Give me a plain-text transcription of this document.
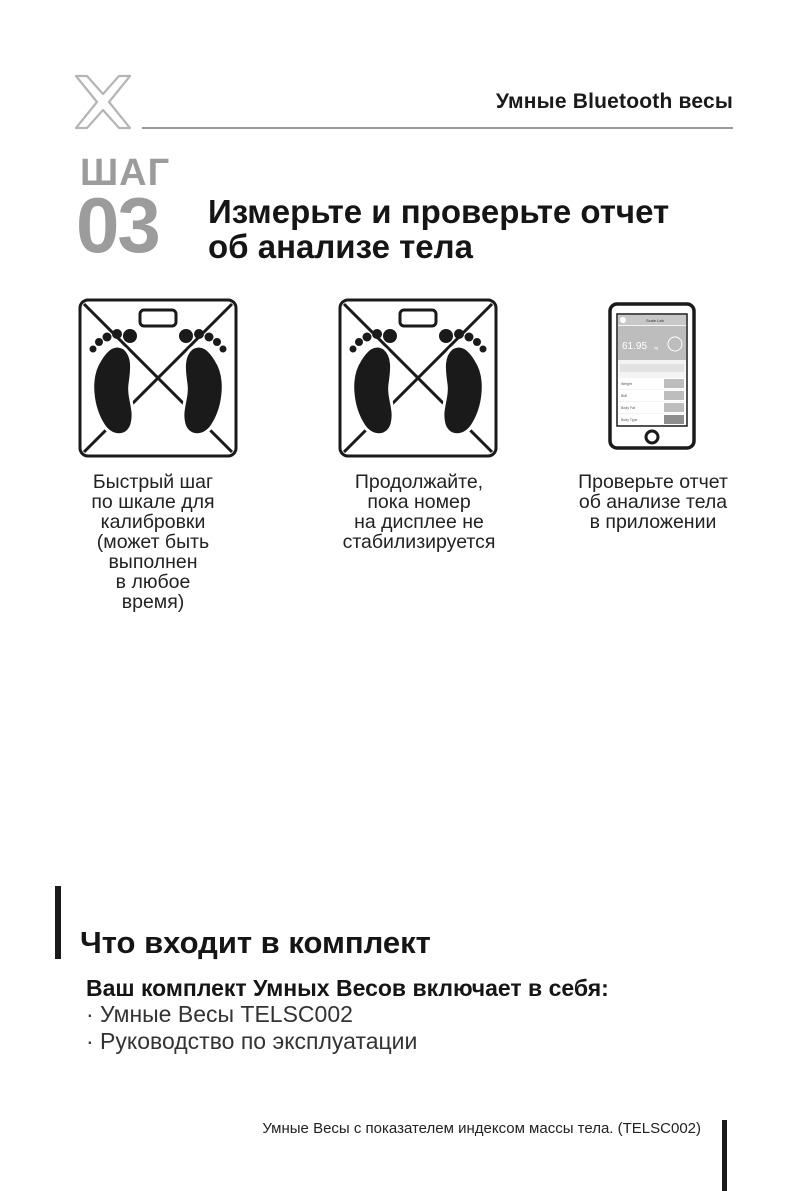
Умные Bluetooth весы
ШАГ
03 Измерьте и проверьте отчет
об анализе тела
Scale Lab
61.95 kg
Weight
BMI
Body Fat
Body Type
Быстрый шаг
по шкале для
калибровки
(может быть
выполнен
в любое
время)
Продолжайте,
пока номер
на дисплее не
стабилизируется
Проверьте отчет
об анализе тела
в приложении
Что входит в комплект
Ваш комплект Умных Весов включает в себя:
· Умные Весы TELSC002
· Руководство по эксплуатации
Умные Весы с показателем индексом массы тела. (TELSC002)
